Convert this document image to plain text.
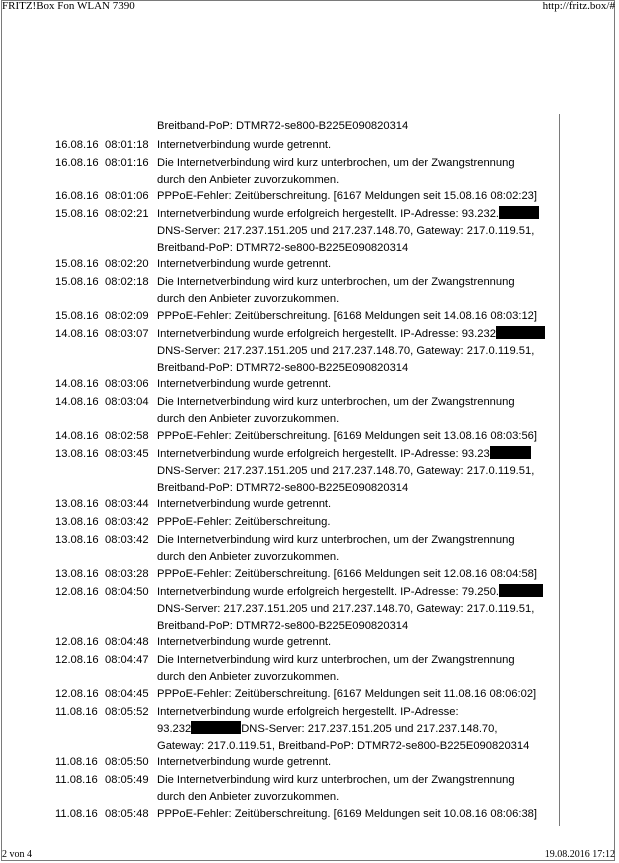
FRITZ!Box Fon WLAN 7390	http://fritz.box/#
Breitband-PoP: DTMR72-se800-B225E090820314
16.08.16 08:01:18 Internetverbindung wurde getrennt.
16.08.16 08:01:16 Die Internetverbindung wird kurz unterbrochen, um der Zwangstrennung
durch den Anbieter zuvorzukommen.
16.08.16 08:01:06 PPPoE-Fehler: Zeitüberschreitung. [6167 Meldungen seit 15.08.16 08:02:23]
15.08.16 08:02:21 Internetverbindung wurde erfolgreich hergestellt. IP-Adresse: 93.232.
DNS-Server: 217.237.151.205 und 217.237.148.70, Gateway: 217.0.119.51,
Breitband-PoP: DTMR72-se800-B225E090820314
15.08.16 08:02:20 Internetverbindung wurde getrennt.
15.08.16 08:02:18 Die Internetverbindung wird kurz unterbrochen, um der Zwangstrennung
durch den Anbieter zuvorzukommen.
15.08.16 08:02:09 PPPoE-Fehler: Zeitüberschreitung. [6168 Meldungen seit 14.08.16 08:03:12]
14.08.16 08:03:07 Internetverbindung wurde erfolgreich hergestellt. IP-Adresse: 93.232
DNS-Server: 217.237.151.205 und 217.237.148.70, Gateway: 217.0.119.51,
Breitband-PoP: DTMR72-se800-B225E090820314
14.08.16 08:03:06 Internetverbindung wurde getrennt.
14.08.16 08:03:04 Die Internetverbindung wird kurz unterbrochen, um der Zwangstrennung
durch den Anbieter zuvorzukommen.
14.08.16 08:02:58 PPPoE-Fehler: Zeitüberschreitung. [6169 Meldungen seit 13.08.16 08:03:56]
13.08.16 08:03:45 Internetverbindung wurde erfolgreich hergestellt. IP-Adresse: 93.23
DNS-Server: 217.237.151.205 und 217.237.148.70, Gateway: 217.0.119.51,
Breitband-PoP: DTMR72-se800-B225E090820314
13.08.16 08:03:44 Internetverbindung wurde getrennt.
13.08.16 08:03:42 PPPoE-Fehler: Zeitüberschreitung.
13.08.16 08:03:42 Die Internetverbindung wird kurz unterbrochen, um der Zwangstrennung
durch den Anbieter zuvorzukommen.
13.08.16 08:03:28 PPPoE-Fehler: Zeitüberschreitung. [6166 Meldungen seit 12.08.16 08:04:58]
12.08.16 08:04:50 Internetverbindung wurde erfolgreich hergestellt. IP-Adresse: 79.250.
DNS-Server: 217.237.151.205 und 217.237.148.70, Gateway: 217.0.119.51,
Breitband-PoP: DTMR72-se800-B225E090820314
12.08.16 08:04:48 Internetverbindung wurde getrennt.
12.08.16 08:04:47 Die Internetverbindung wird kurz unterbrochen, um der Zwangstrennung
durch den Anbieter zuvorzukommen.
12.08.16 08:04:45 PPPoE-Fehler: Zeitüberschreitung. [6167 Meldungen seit 11.08.16 08:06:02]
11.08.16 08:05:52 Internetverbindung wurde erfolgreich hergestellt. IP-Adresse:
93.232	DNS-Server: 217.237.151.205 und 217.237.148.70,

Gateway: 217.0.119.51, Breitband-PoP: DTMR72-se800-B225E090820314
11.08.16 08:05:50 Internetverbindung wurde getrennt.
11.08.16 08:05:49 Die Internetverbindung wird kurz unterbrochen, um der Zwangstrennung
durch den Anbieter zuvorzukommen.
11.08.16 08:05:48 PPPoE-Fehler: Zeitüberschreitung. [6169 Meldungen seit 10.08.16 08:06:38]
2 von 4	19.08.2016 17:12
